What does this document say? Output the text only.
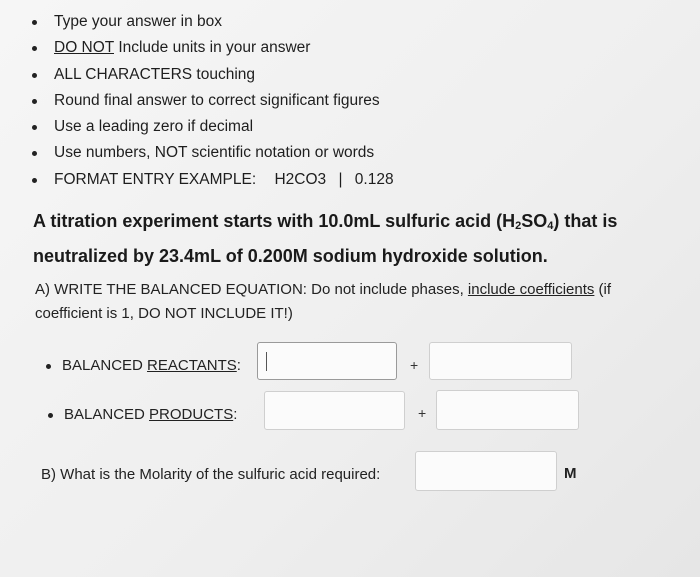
Type your answer in box
DO NOT Include units in your answer
ALL CHARACTERS touching
Round final answer to correct significant figures
Use a leading zero if decimal
Use numbers, NOT scientific notation or words
FORMAT ENTRY EXAMPLE: H2CO3 | 0.128
A titration experiment starts with 10.0mL sulfuric acid $(H_2SO_4)$ that is
neutralized by 23.4mL of 0.200M sodium hydroxide solution.
A) WRITE THE BALANCED EQUATION: Do not include phases, include coefficients (if coefficient is 1, DO NOT INCLUDE IT!)
BALANCED REACTANTS:	+
BALANCED PRODUCTS:	+
B) What is the Molarity of the sulfuric acid required:	M
